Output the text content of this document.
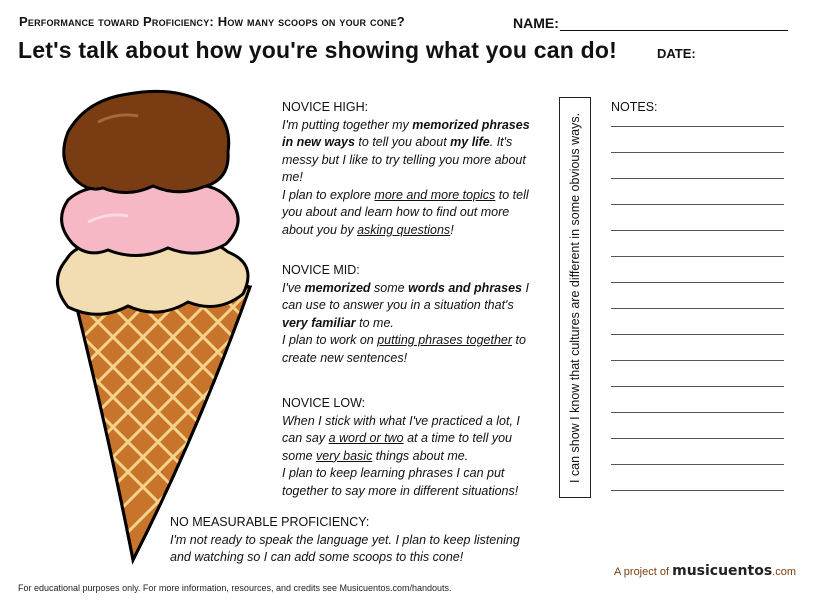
Performance toward Proficiency: How many scoops on your cone?	NAME:
Let's talk about how you're showing what you can do!	DATE:
NOVICE HIGH:
I'm putting together my memorized phrases in new ways to tell you about my life. It's messy but I like to try telling you more about me!
I plan to explore more and more topics to tell you about and learn how to find out more about you by asking questions!
NOVICE MID:
I've memorized some words and phrases I can use to answer you in a situation that's very familiar to me.
I plan to work on putting phrases together to create new sentences!
NOVICE LOW:
When I stick with what I've practiced a lot, I can say a word or two at a time to tell you some very basic things about me.
I plan to keep learning phrases I can put together to say more in different situations!
NO MEASURABLE PROFICIENCY:
I'm not ready to speak the language yet. I plan to keep listening and watching so I can add some scoops to this cone!
I can show I know that cultures are different in some obvious ways.
NOTES:
A project of musicuentos.com
For educational purposes only. For more information, resources, and credits see Musicuentos.com/handouts.
